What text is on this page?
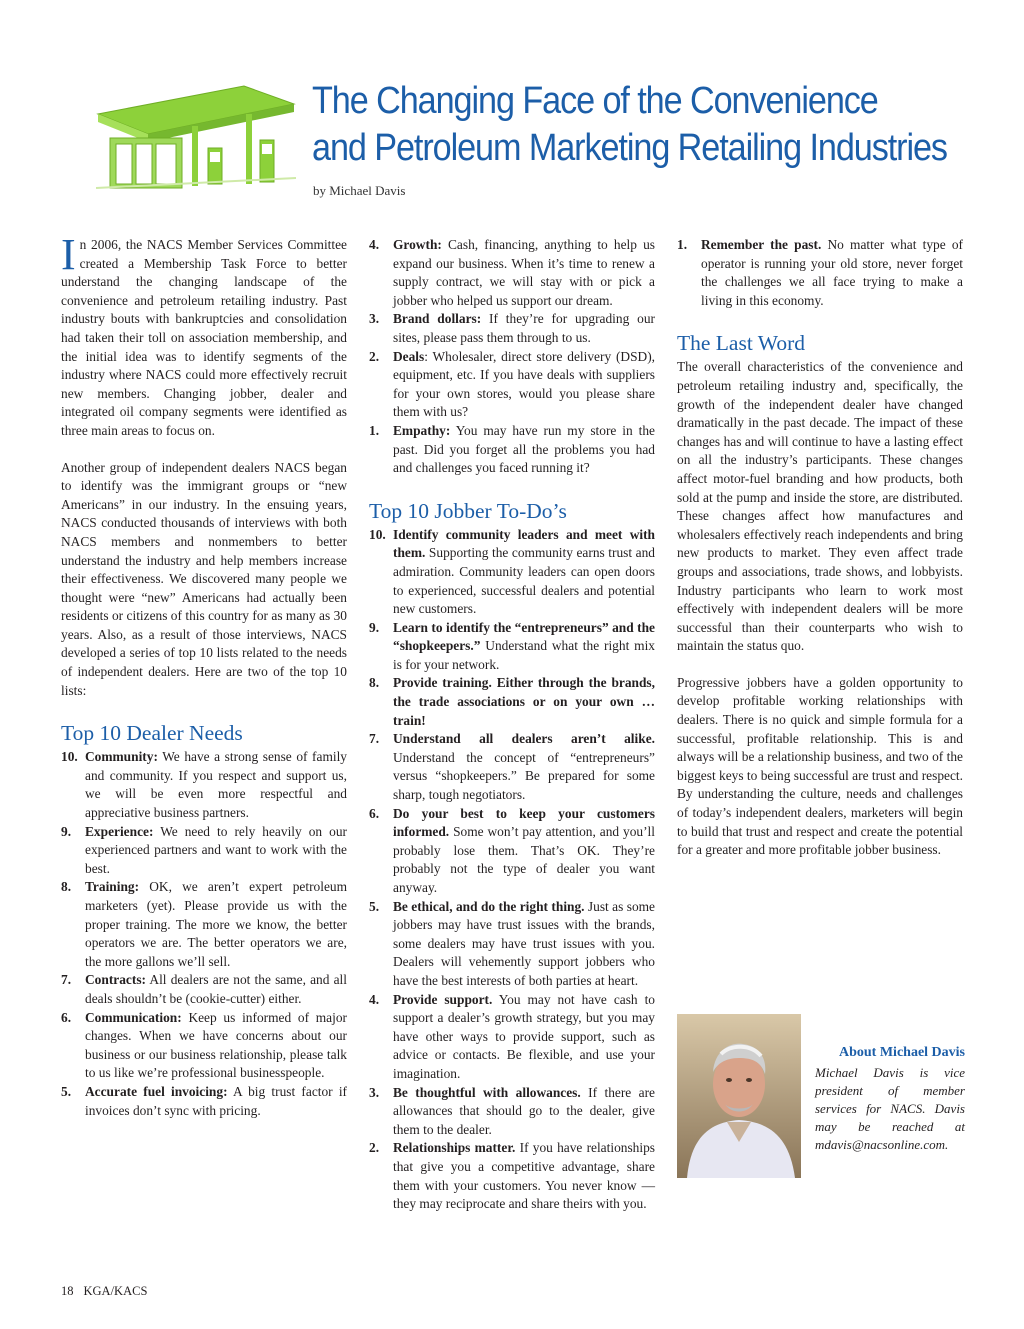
The Changing Face of the Convenience
and Petroleum Marketing Retailing Industries
by Michael Davis

In 2006, the NACS Member Services Committee created a Membership Task Force to better understand the changing landscape of the convenience and petroleum retailing industry. Past industry bouts with bankruptcies and consolidation had taken their toll on association membership, and the initial idea was to identify segments of the industry where NACS could more effectively recruit new members. Changing jobber, dealer and integrated oil company segments were identified as three main areas to focus on.

Another group of independent dealers NACS began to identify was the immigrant groups or “new Americans” in our industry. In the ensuing years, NACS conducted thousands of interviews with both NACS members and nonmembers to better understand the industry and help members increase their effectiveness. We discovered many people we thought were “new” Americans had actually been residents or citizens of this country for as many as 30 years. Also, as a result of those interviews, NACS developed a series of top 10 lists related to the needs of independent dealers. Here are two of the top 10 lists:

Top 10 Dealer Needs
10. Community: We have a strong sense of family and community. If you respect and support us, we will be even more respectful and appreciative business partners.
9. Experience: We need to rely heavily on our experienced partners and want to work with the best.
8. Training: OK, we aren’t expert petroleum marketers (yet). Please provide us with the proper training. The more we know, the better operators we are. The better operators we are, the more gallons we’ll sell.
7. Contracts: All dealers are not the same, and all deals shouldn’t be (cookie-cutter) either.
6. Communication: Keep us informed of major changes. When we have concerns about our business or our business relationship, please talk to us like we’re professional businesspeople.
5. Accurate fuel invoicing: A big trust factor if invoices don’t sync with pricing.
4. Growth: Cash, financing, anything to help us expand our business. When it’s time to renew a supply contract, we will stay with or pick a jobber who helped us support our dream.
3. Brand dollars: If they’re for upgrading our sites, please pass them through to us.
2. Deals: Wholesaler, direct store delivery (DSD), equipment, etc. If you have deals with suppliers for your own stores, would you please share them with us?
1. Empathy: You may have run my store in the past. Did you forget all the problems you had and challenges you faced running it?
Top 10 Jobber To-Do’s
10. Identify community leaders and meet with them. Supporting the community earns trust and admiration. Community leaders can open doors to experienced, successful dealers and potential new customers.
9. Learn to identify the “entrepreneurs” and the “shopkeepers.” Understand what the right mix is for your network.
8. Provide training. Either through the brands, the trade associations or on your own … train!
7. Understand all dealers aren’t alike. Understand the concept of “entrepreneurs” versus “shopkeepers.” Be prepared for some sharp, tough negotiators.
6. Do your best to keep your customers informed. Some won’t pay attention, and you’ll probably lose them. That’s OK. They’re probably not the type of dealer you want anyway.
5. Be ethical, and do the right thing. Just as some jobbers may have trust issues with the brands, some dealers may have trust issues with you. Dealers will vehemently support jobbers who have the best interests of both parties at heart.
4. Provide support. You may not have cash to support a dealer’s growth strategy, but you may have other ways to provide support, such as advice or contacts. Be flexible, and use your imagination.
3. Be thoughtful with allowances. If there are allowances that should go to the dealer, give them to the dealer.
2. Relationships matter. If you have relationships that give you a competitive advantage, share them with your customers. You never know — they may reciprocate and share theirs with you.
1. Remember the past. No matter what type of operator is running your old store, never forget the challenges we all face trying to make a living in this economy.
The Last Word

The overall characteristics of the convenience and petroleum retailing industry and, specifically, the growth of the independent dealer have changed dramatically in the past decade. The impact of these changes has and will continue to have a lasting effect on all the industry’s participants. These changes affect motor-fuel branding and how products, both sold at the pump and inside the store, are distributed. These changes affect how manufactures and wholesalers effectively reach independents and bring new products to market. They even affect trade groups and associations, trade shows, and lobbyists. Industry participants who learn to work most effectively with independent dealers will be more successful than their counterparts who wish to maintain the status quo.

Progressive jobbers have a golden opportunity to develop profitable working relationships with dealers. There is no quick and simple formula for a successful, profitable relationship. This is and always will be a relationship business, and two of the biggest keys to being successful are trust and respect. By understanding the culture, needs and challenges of today’s independent dealers, marketers will begin to build that trust and respect and create the potential for a greater and more profitable jobber business.

About Michael Davis
Michael Davis is vice president of member services for NACS. Davis may be reached at mdavis@nacsonline.com.
18 KGA/KACS
